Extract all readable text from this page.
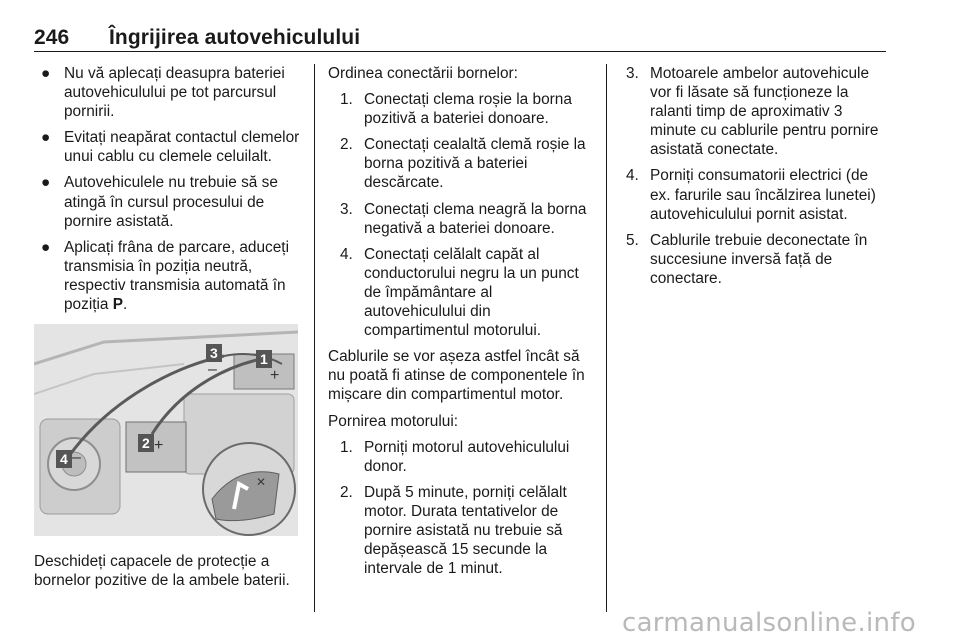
246	Îngrijirea autovehiculului
● Nu vă aplecați deasupra bateriei autovehiculului pe tot parcursul pornirii.
● Evitați neapărat contactul clemelor unui cablu cu clemele celuilalt.
● Autovehiculele nu trebuie să se atingă în cursul procesului de pornire asistată.
● Aplicați frâna de parcare, aduceți transmisia în poziția neutră, respectiv transmisia automată în poziția P.
✕
1
+
2 +
3
–
4 –
Deschideți capacele de protecție a bornelor pozitive de la ambele baterii.
Ordinea conectării bornelor:
1. Conectați clema roșie la borna pozitivă a bateriei donoare.
2. Conectați cealaltă clemă roșie la borna pozitivă a bateriei descărcate.
3. Conectați clema neagră la borna negativă a bateriei donoare.
4. Conectați celălalt capăt al conductorului negru la un punct de împământare al autovehiculului din compartimentul motorului.
Cablurile se vor așeza astfel încât să nu poată fi atinse de componentele în mișcare din compartimentul motor.
Pornirea motorului:
1. Porniți motorul autovehiculului donor.
2. După 5 minute, porniți celălalt motor. Durata tentativelor de pornire asistată nu trebuie să depășească 15 secunde la intervale de 1 minut.
3. Motoarele ambelor autovehicule vor fi lăsate să funcționeze la ralanti timp de aproximativ 3 minute cu cablurile pentru pornire asistată conectate.
4. Porniți consumatorii electrici (de ex. farurile sau încălzirea lunetei) autovehiculului pornit asistat.
5. Cablurile trebuie deconectate în succesiune inversă față de conectare.
carmanualsonline.info
